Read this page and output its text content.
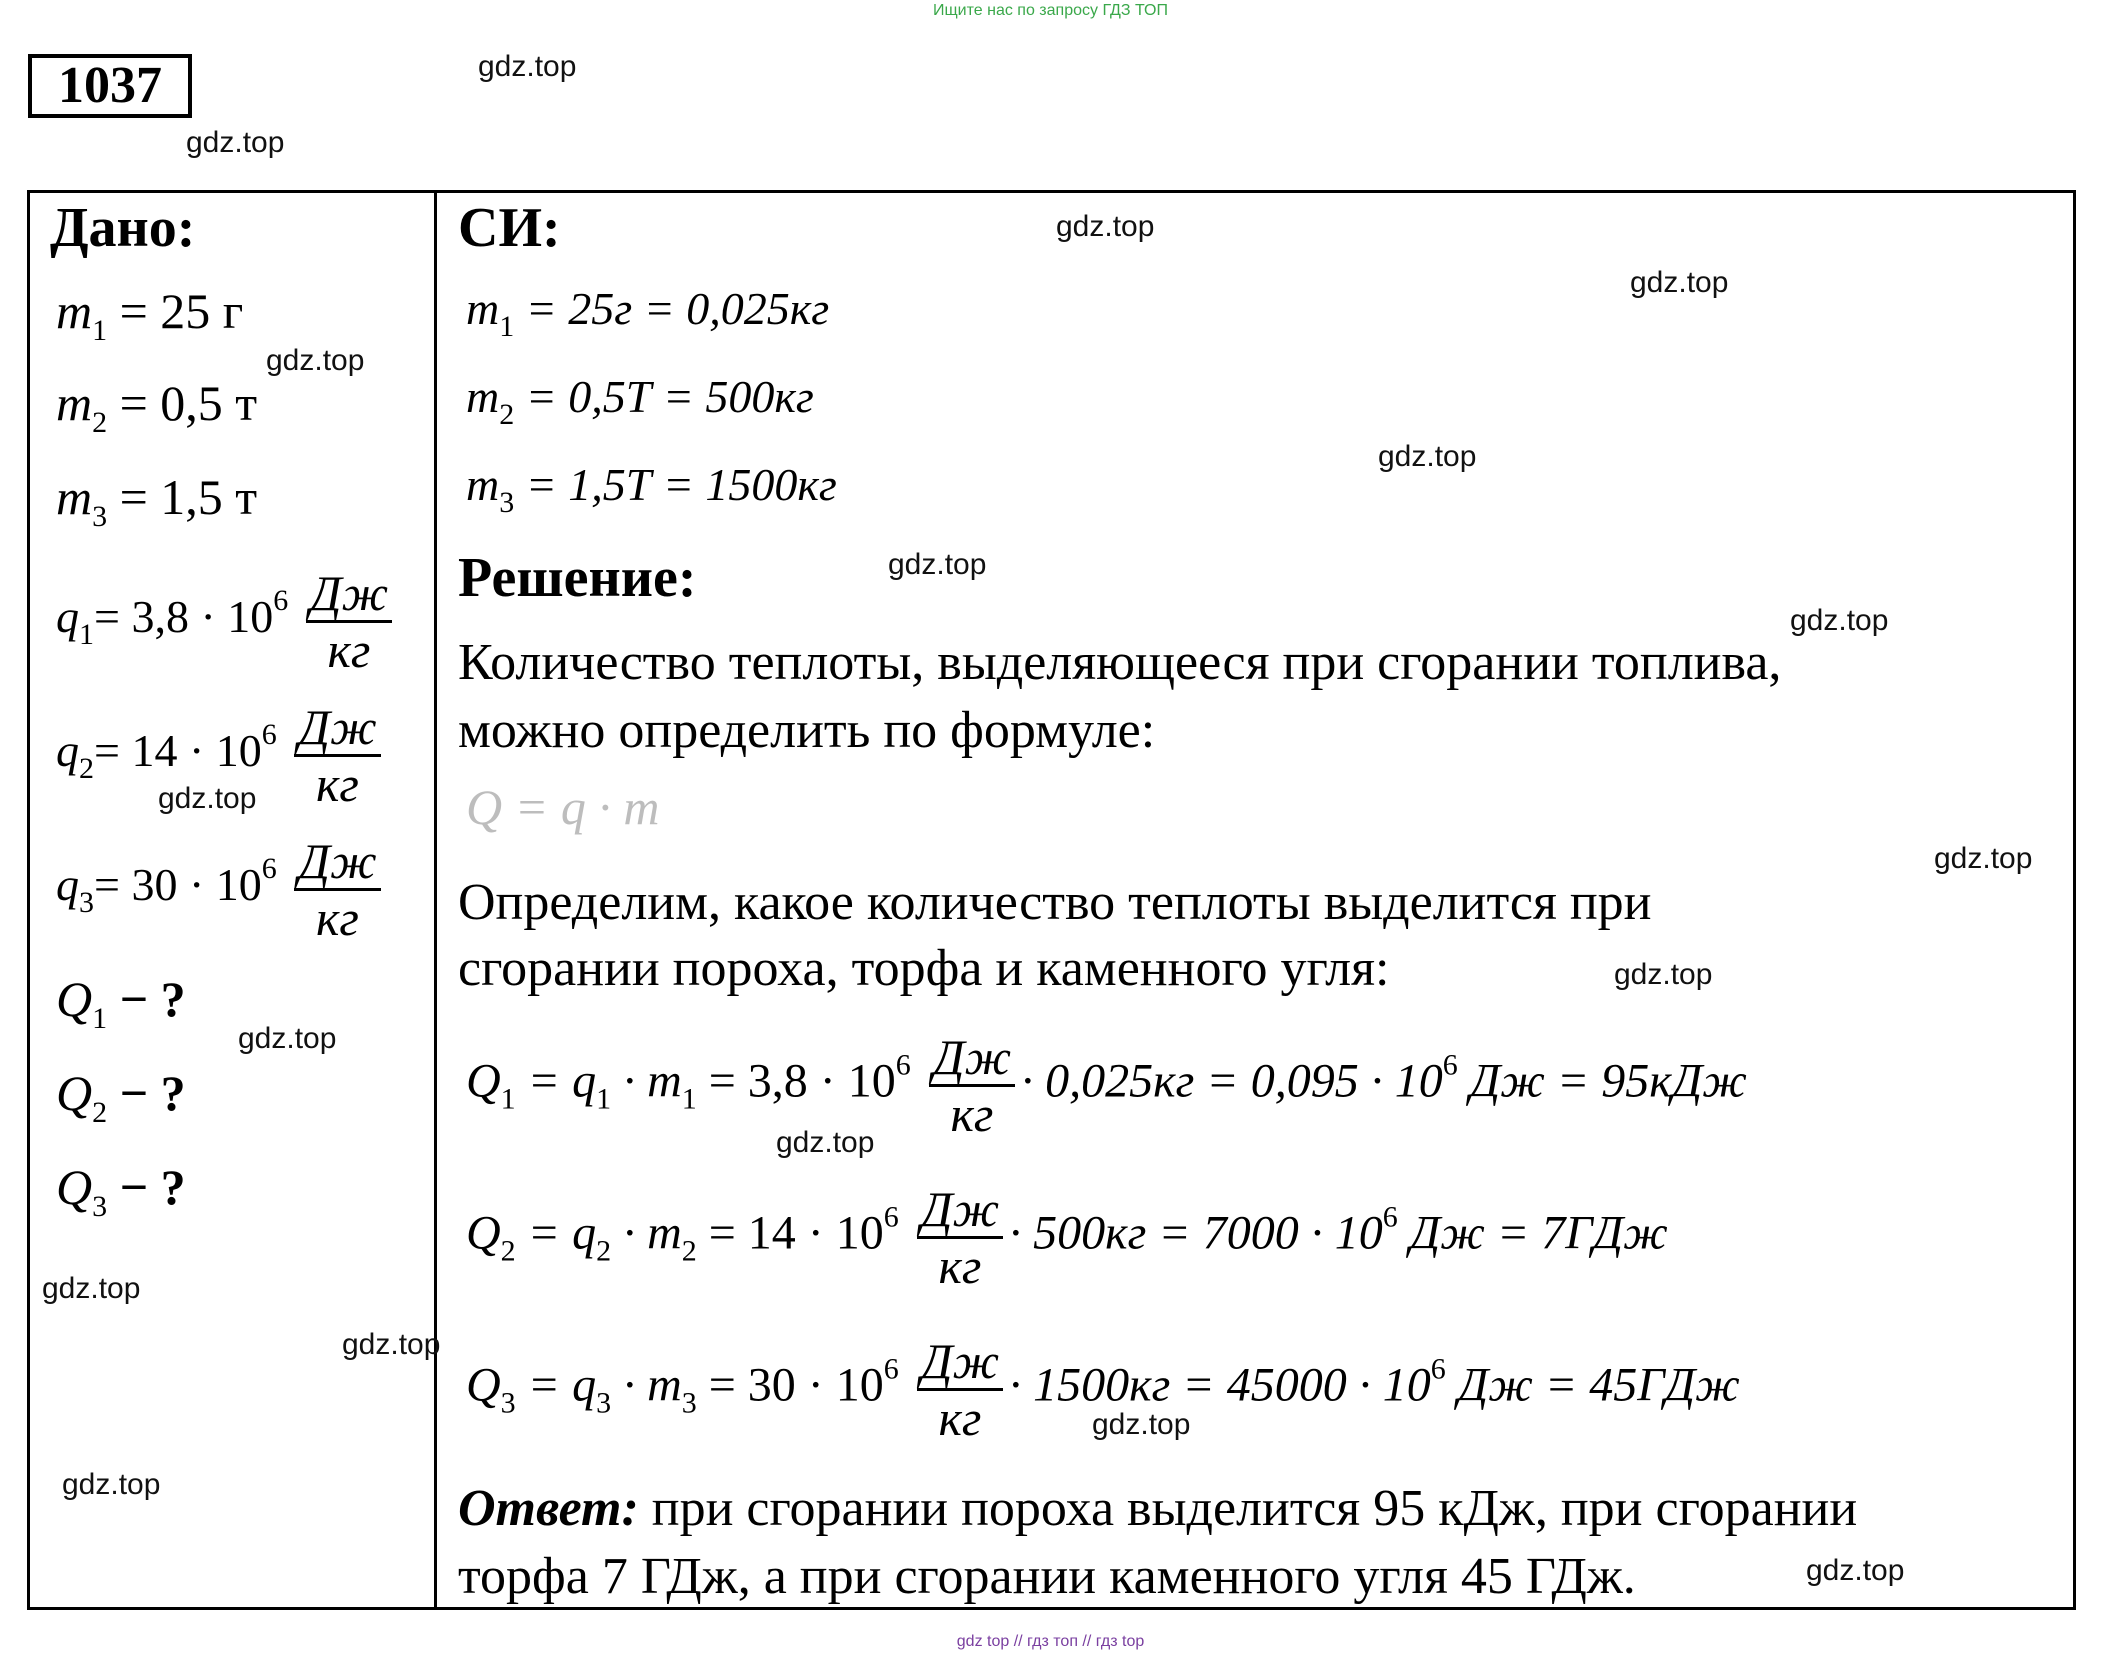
Ищите нас по запросу ГДЗ ТОП
1037
Дано:
$m_1 = 25$ г
$m_2 = 0,5$ т
$m_3 = 1,5$ т
$q_1= 3,8 \cdot 10^6 \frac{Дж}{кг}$
$q_2= 14 \cdot 10^6 \frac{Дж}{кг}$
$q_3= 30 \cdot 10^6 \frac{Дж}{кг}$
$Q_1$ − ?
$Q_2$ − ?
$Q_3$ − ?
СИ:
$m_1 = 25г = 0,025кг$
$m_2 = 0,5Т = 500кг$
$m_3 = 1,5Т = 1500кг$
Решение:
Количество теплоты, выделяющееся при сгорании топлива,
можно определить по формуле:
Q = q · m
Определим, какое количество теплоты выделится при
сгорании пороха, торфа и каменного угля:
$Q_1 = q_1 \cdot m_1 = 3,8 \cdot 10^6 \frac{Дж}{кг} \cdot 0,025кг = 0,095 \cdot 10^6$ Дж = 95кДж
$Q_2 = q_2 \cdot m_2 = 14 \cdot 10^6 \frac{Дж}{кг} \cdot 500кг = 7000 \cdot 10^6$ Дж = 7ГДж
$Q_3 = q_3 \cdot m_3 = 30 \cdot 10^6 \frac{Дж}{кг} \cdot 1500кг = 45000 \cdot 10^6$ Дж = 45ГДж
Ответ: при сгорании пороха выделится 95 кДж, при сгорании
торфа 7 ГДж, а при сгорании каменного угля 45 ГДж.
gdz.top
gdz.top
gdz.top
gdz.top
gdz.top
gdz.top
gdz.top
gdz.top
gdz.top
gdz.top
gdz.top
gdz.top
gdz.top
gdz.top
gdz.top
gdz.top
gdz.top
gdz.top
gdz top // гдз топ // гдз top
